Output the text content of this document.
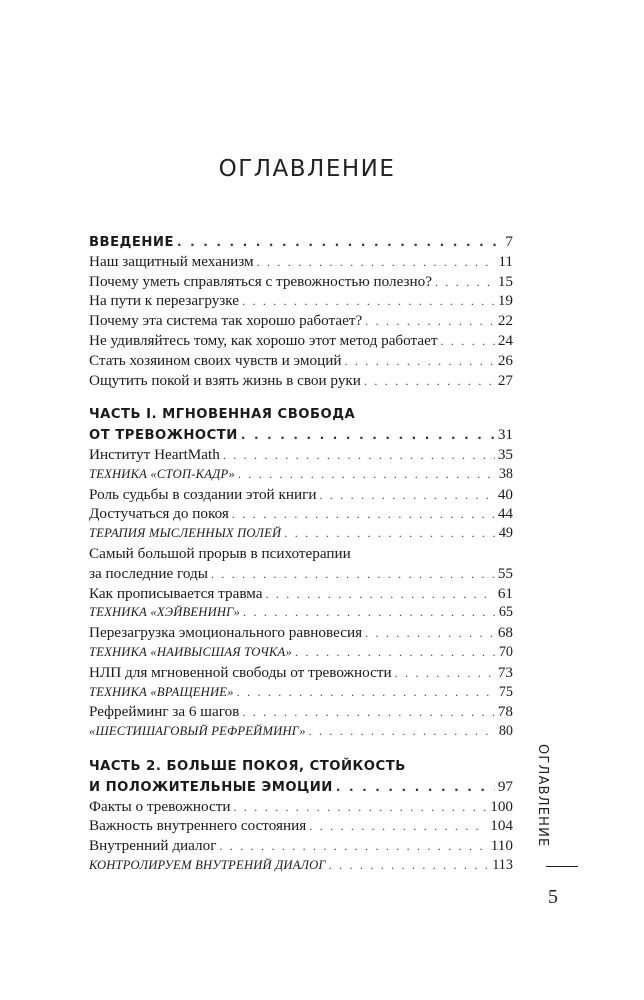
ОГЛАВЛЕНИЕ
ВВЕДЕНИЕ . . .	7
Наш защитный механизм . . .	11
Почему уметь справляться с тревожностью полезно? . . .	15
На пути к перезагрузке . . .	19
Почему эта система так хорошо работает? . . .	22
Не удивляйтесь тому, как хорошо этот метод работает . . .	24
Стать хозяином своих чувств и эмоций . . .	26
Ощутить покой и взять жизнь в свои руки . . .	27
ЧАСТЬ I. МГНОВЕННАЯ СВОБОДА
ОТ ТРЕВОЖНОСТИ . . .	31
Институт HeartMath . . .	35
ТЕХНИКА «СТОП-КАДР» . . .	38
Роль судьбы в создании этой книги . . .	40
Достучаться до покоя . . .	44
ТЕРАПИЯ МЫСЛЕННЫХ ПОЛЕЙ . . .	49
Самый большой прорыв в психотерапии
за последние годы . . .	55
Как прописывается травма . . .	61
ТЕХНИКА «ХЭЙВЕНИНГ» . . .	65
Перезагрузка эмоционального равновесия . . .	68
ТЕХНИКА «НАИВЫСШАЯ ТОЧКА» . . .	70
НЛП для мгновенной свободы от тревожности . . .	73
ТЕХНИКА «ВРАЩЕНИЕ» . . .	75
Рефрейминг за 6 шагов . . .	78
«ШЕСТИШАГОВЫЙ РЕФРЕЙМИНГ» . . .	80
ЧАСТЬ 2. БОЛЬШЕ ПОКОЯ, СТОЙКОСТЬ
И ПОЛОЖИТЕЛЬНЫЕ ЭМОЦИИ . . .	97
Факты о тревожности . . .	100
Важность внутреннего состояния . . .	104
Внутренний диалог . . .	110
КОНТРОЛИРУЕМ ВНУТРЕНИЙ ДИАЛОГ . . .	113
ОГЛАВЛЕНИЕ
5
